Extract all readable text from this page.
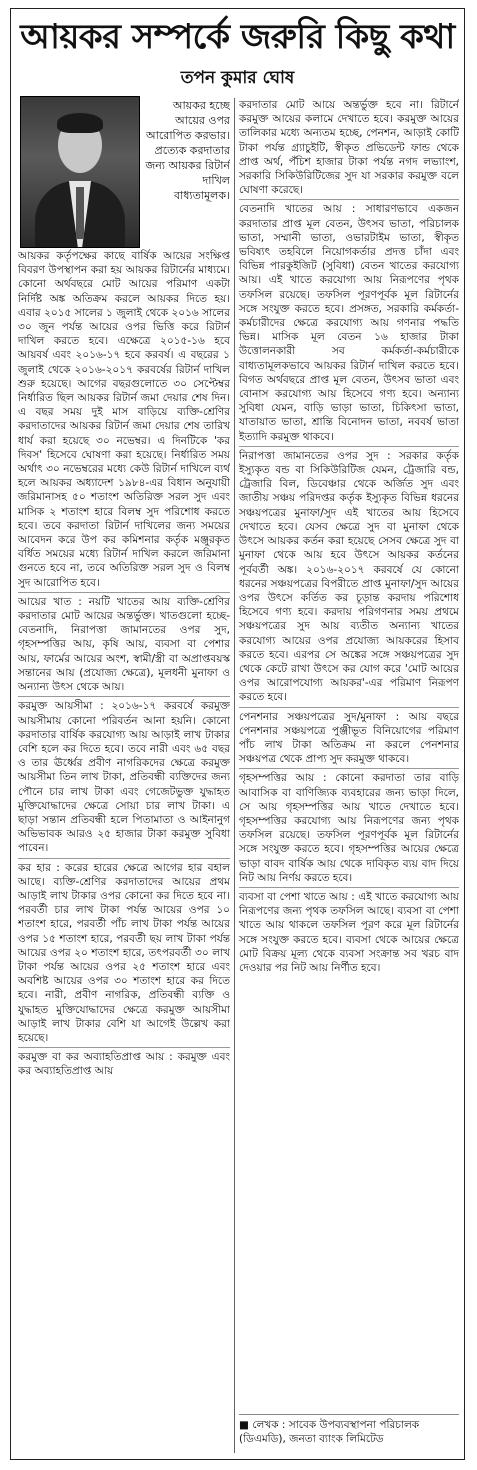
আয়কর সম্পর্কে জরুরি কিছু কথা
তপন কুমার ঘোষ

আয়কর হচ্ছে আয়ের ওপর আরোপিত করভার। প্রত্যেক করদাতার জন্য আয়কর রিটার্ন দাখিল বাধ্যতামূলক।

আয়কর কর্তৃপক্ষের কাছে বার্ষিক আয়ের সংক্ষিপ্ত বিবরণ উপস্থাপন করা হয় আয়কর রিটার্নের মাধ্যমে। কোনো অর্থবছরে মোট আয়ের পরিমাণ একটা নির্দিষ্ট অঙ্ক অতিক্রম করলে আয়কর দিতে হয়। এবার ২০১৫ সালের ১ জুলাই থেকে ২০১৬ সালের ৩০ জুন পর্যন্ত আয়ের ওপর ভিত্তি করে রিটার্ন দাখিল করতে হবে। এক্ষেত্রে ২০১৫-১৬ হবে আয়বর্ষ এবং ২০১৬-১৭ হবে করবর্ষ। এ বছরের ১ জুলাই থেকে ২০১৬-২০১৭ করবর্ষের রিটার্ন দাখিল শুরু হয়েছে। আগের বছরগুলোতে ৩০ সেপ্টেম্বর নির্ধারিত ছিল আয়কর রিটার্ন জমা দেয়ার শেষ দিন। এ বছর সময় দুই মাস বাড়িয়ে ব্যক্তি-শ্রেণির করদাতাদের আয়কর রিটার্ন জমা দেয়ার শেষ তারিখ ধার্য করা হয়েছে ৩০ নভেম্বর। এ দিনটিকে 'কর দিবস' হিসেবে ঘোষণা করা হয়েছে। নির্ধারিত সময় অর্থাৎ ৩০ নভেম্বরের মধ্যে কেউ রিটার্ন দাখিলে ব্যর্থ হলে আয়কর অধ্যাদেশ ১৯৮৪-এর বিধান অনুযায়ী জরিমানাসহ ৫০ শতাংশ অতিরিক্ত সরল সুদ এবং মাসিক ২ শতাংশ হারে বিলম্ব সুদ পরিশোধ করতে হবে। তবে করদাতা রিটার্ন দাখিলের জন্য সময়ের আবেদন করে উপ কর কমিশনার কর্তৃক মঞ্জুরকৃত বর্ধিত সময়ের মধ্যে রিটার্ন দাখিল করলে জরিমানা গুনতে হবে না, তবে অতিরিক্ত সরল সুদ ও বিলম্ব সুদ আরোপিত হবে।

আয়ের খাত : নয়টি খাতের আয় ব্যক্তি-শ্রেণির করদাতার মোট আয়ের অন্তর্ভুক্ত। খাতগুলো হচ্ছে- বেতনাদি, নিরাপত্তা জামানতের ওপর সুদ, গৃহসম্পত্তির আয়, কৃষি আয়, ব্যবসা বা পেশার আয়, ফার্মের আয়ের অংশ, স্বামী/স্ত্রী বা অপ্রাপ্তবয়স্ক সন্তানের আয় (প্রযোজ্য ক্ষেত্রে), মূলধনী মুনাফা ও অন্যান্য উৎস থেকে আয়।

করমুক্ত আয়সীমা : ২০১৬-১৭ করবর্ষে করমুক্ত আয়সীমায় কোনো পরিবর্তন আনা হয়নি। কোনো করদাতার বার্ষিক করযোগ্য আয় আড়াই লাখ টাকার বেশি হলে কর দিতে হবে। তবে নারী এবং ৬৫ বছর ও তার ঊর্ধ্বের প্রবীণ নাগরিকদের ক্ষেত্রে করমুক্ত আয়সীমা তিন লাখ টাকা, প্রতিবন্ধী ব্যক্তিদের জন্য পৌনে চার লাখ টাকা এবং গেজেটভুক্ত যুদ্ধাহত মুক্তিযোদ্ধাদের ক্ষেত্রে সোয়া চার লাখ টাকা। এ ছাড়া সন্তান প্রতিবন্ধী হলে পিতামাতা ও আইনানুগ অভিভাবক আরও ২৫ হাজার টাকা করমুক্ত সুবিধা পাবেন।

কর হার : করের হারের ক্ষেত্রে আগের হার বহাল আছে। ব্যক্তি-শ্রেণির করদাতাদের আয়ের প্রথম আড়াই লাখ টাকার ওপর কোনো কর দিতে হবে না। পরবর্তী চার লাখ টাকা পর্যন্ত আয়ের ওপর ১০ শতাংশ হারে, পরবর্তী পাঁচ লাখ টাকা পর্যন্ত আয়ের ওপর ১৫ শতাংশ হারে, পরবর্তী ছয় লাখ টাকা পর্যন্ত আয়ের ওপর ২০ শতাংশ হারে, তৎপরবর্তী ৩০ লাখ টাকা পর্যন্ত আয়ের ওপর ২৫ শতাংশ হারে এবং অবশিষ্ট আয়ের ওপর ৩০ শতাংশ হারে কর দিতে হবে। নারী, প্রবীণ নাগরিক, প্রতিবন্ধী ব্যক্তি ও যুদ্ধাহত মুক্তিযোদ্ধাদের ক্ষেত্রে করমুক্ত আয়সীমা আড়াই লাখ টাকার বেশি যা আগেই উল্লেখ করা হয়েছে।

করমুক্ত বা কর অব্যাহতিপ্রাপ্ত আয় : করমুক্ত এবং কর অব্যাহতিপ্রাপ্ত আয়

করদাতার মোট আয়ে অন্তর্ভুক্ত হবে না। রিটার্নে করমুক্ত আয়ের কলামে দেখাতে হবে। করমুক্ত আয়ের তালিকার মধ্যে অন্যতম হচ্ছে, পেনশন, আড়াই কোটি টাকা পর্যন্ত গ্র্যাচুইটি, স্বীকৃত প্রভিডেন্ট ফান্ড থেকে প্রাপ্ত অর্থ, পঁচিশ হাজার টাকা পর্যন্ত নগদ লভ্যাংশ, সরকারি সিকিউরিটিজের সুদ যা সরকার করমুক্ত বলে ঘোষণা করেছে।

বেতনাদি খাতের আয় : সাধারণভাবে একজন করদাতার প্রাপ্ত মূল বেতন, উৎসব ভাতা, পরিচালক ভাতা, সম্মানী ভাতা, ওভারটাইম ভাতা, স্বীকৃত ভবিষ্যৎ তহবিলে নিয়োগকর্তার প্রদত্ত চাঁদা এবং বিভিন্ন পারকুইজিট (সুবিধা) বেতন খাতের করযোগ্য আয়। এই খাতে করযোগ্য আয় নিরূপণের পৃথক তফসিল রয়েছে। তফসিল পূরণপূর্বক মূল রিটার্নের সঙ্গে সংযুক্ত করতে হবে। প্রসঙ্গত, সরকারি কর্মকর্তা-কর্মচারীদের ক্ষেত্রে করযোগ্য আয় গণনার পদ্ধতি ভিন্ন। মাসিক মূল বেতন ১৬ হাজার টাকা উত্তোলনকারী সব কর্মকর্তা-কর্মচারীকে বাধ্যতামূলকভাবে আয়কর রিটার্ন দাখিল করতে হবে। বিগত অর্থবছরে প্রাপ্ত মূল বেতন, উৎসব ভাতা এবং বোনাস করযোগ্য আয় হিসেবে গণ্য হবে। অন্যান্য সুবিধা যেমন, বাড়ি ভাড়া ভাতা, চিকিৎসা ভাতা, যাতায়াত ভাতা, শ্রান্তি বিনোদন ভাতা, নববর্ষ ভাতা ইত্যাদি করমুক্ত থাকবে।

নিরাপত্তা জামানতের ওপর সুদ : সরকার কর্তৃক ইস্যুকৃত বন্ড বা সিকিউরিটিজ যেমন, ট্রেজারি বন্ড, ট্রেজারি বিল, ডিবেঞ্চার থেকে অর্জিত সুদ এবং জাতীয় সঞ্চয় পরিদপ্তর কর্তৃক ইস্যুকৃত বিভিন্ন ধরনের সঞ্চয়পত্রের মুনাফা/সুদ এই খাতের আয় হিসেবে দেখাতে হবে। যেসব ক্ষেত্রে সুদ বা মুনাফা থেকে উৎসে আয়কর কর্তন করা হয়েছে সেসব ক্ষেত্রে সুদ বা মুনাফা থেকে আয় হবে উৎসে আয়কর কর্তনের পূর্ববর্তী অঙ্ক। ২০১৬-২০১৭ করবর্ষে যে কোনো ধরনের সঞ্চয়পত্রের বিপরীতে প্রাপ্ত মুনাফা/সুদ আয়ের ওপর উৎসে কর্তিত কর চূড়ান্ত করদায় পরিশোধ হিসেবে গণ্য হবে। করদায় পরিগণনার সময় প্রথমে সঞ্চয়পত্রের সুদ আয় ব্যতীত অন্যান্য খাতের করযোগ্য আয়ের ওপর প্রযোজ্য আয়করের হিসাব করতে হবে। এরপর সে অঙ্কের সঙ্গে সঞ্চয়পত্রের সুদ থেকে কেটে রাখা উৎসে কর যোগ করে 'মোট আয়ের ওপর আরোপযোগ্য আয়কর'-এর পরিমাণ নিরূপণ করতে হবে।

পেনশনার সঞ্চয়পত্রের সুদ/মুনাফা : আয় বছরে পেনশনার সঞ্চয়পত্রে পুঞ্জীভূত বিনিয়োগের পরিমাণ পাঁচ লাখ টাকা অতিক্রম না করলে পেনশনার সঞ্চয়পত্র থেকে প্রাপ্য সুদ করমুক্ত থাকবে।

গৃহসম্পত্তির আয় : কোনো করদাতা তার বাড়ি আবাসিক বা বাণিজ্যিক ব্যবহারের জন্য ভাড়া দিলে, সে আয় গৃহসম্পত্তির আয় খাতে দেখাতে হবে। গৃহসম্পত্তির করযোগ্য আয় নিরূপণের জন্য পৃথক তফসিল রয়েছে। তফসিল পূরণপূর্বক মূল রিটার্নের সঙ্গে সংযুক্ত করতে হবে। গৃহসম্পত্তির আয়ের ক্ষেত্রে ভাড়া বাবদ বার্ষিক আয় থেকে দাবিকৃত ব্যয় বাদ দিয়ে নিট আয় নির্ণয় করতে হবে।

ব্যবসা বা পেশা খাতে আয় : এই খাতে করযোগ্য আয় নিরূপণের জন্য পৃথক তফসিল আছে। ব্যবসা বা পেশা খাতে আয় থাকলে তফসিল পূরণ করে মূল রিটার্নের সঙ্গে সংযুক্ত করতে হবে। ব্যবসা থেকে আয়ের ক্ষেত্রে মোট বিক্রয় মূল্য থেকে ব্যবসা সংক্রান্ত সব খরচ বাদ দেওয়ার পর নিট আয় নির্ণীত হবে।

■ লেখক : সাবেক উপব্যবস্থাপনা পরিচালক (ডিএমডি), জনতা ব্যাংক লিমিটেড
